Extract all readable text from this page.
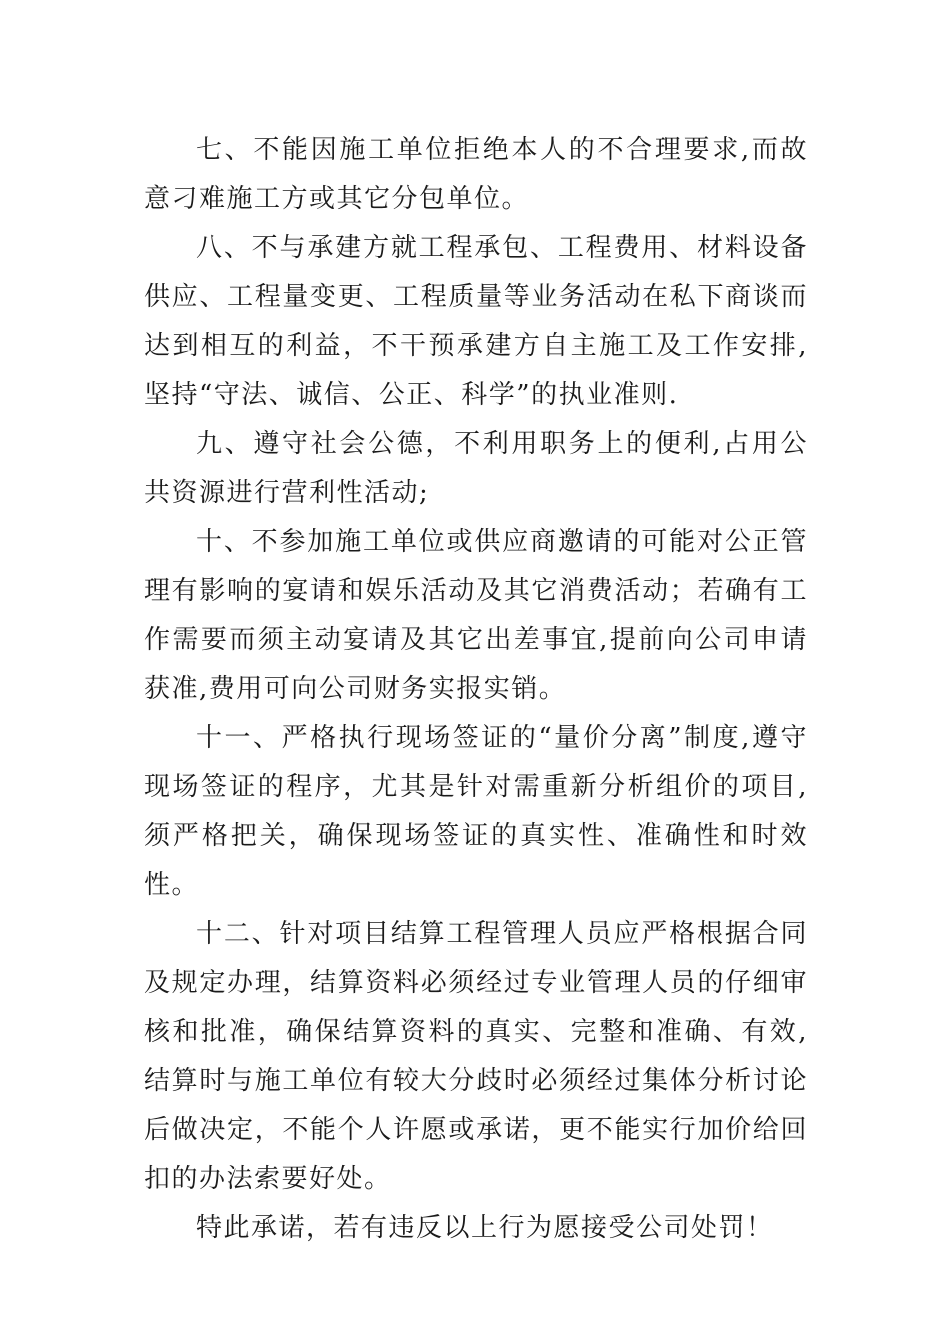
七、不能因施工单位拒绝本人的不合理要求,而故意刁难施工方或其它分包单位。

八、不与承建方就工程承包、工程费用、材料设备供应、工程量变更、工程质量等业务活动在私下商谈而达到相互的利益，不干预承建方自主施工及工作安排,坚持“守法、诚信、公正、科学”的执业准则.

九、遵守社会公德，不利用职务上的便利,占用公共资源进行营利性活动;

十、不参加施工单位或供应商邀请的可能对公正管理有影响的宴请和娱乐活动及其它消费活动；若确有工作需要而须主动宴请及其它出差事宜,提前向公司申请获准,费用可向公司财务实报实销。

十一、严格执行现场签证的“量价分离”制度,遵守现场签证的程序，尤其是针对需重新分析组价的项目,须严格把关，确保现场签证的真实性、准确性和时效性。

十二、针对项目结算工程管理人员应严格根据合同及规定办理，结算资料必须经过专业管理人员的仔细审核和批准，确保结算资料的真实、完整和准确、有效,结算时与施工单位有较大分歧时必须经过集体分析讨论后做决定，不能个人许愿或承诺，更不能实行加价给回扣的办法索要好处。

特此承诺，若有违反以上行为愿接受公司处罚！
